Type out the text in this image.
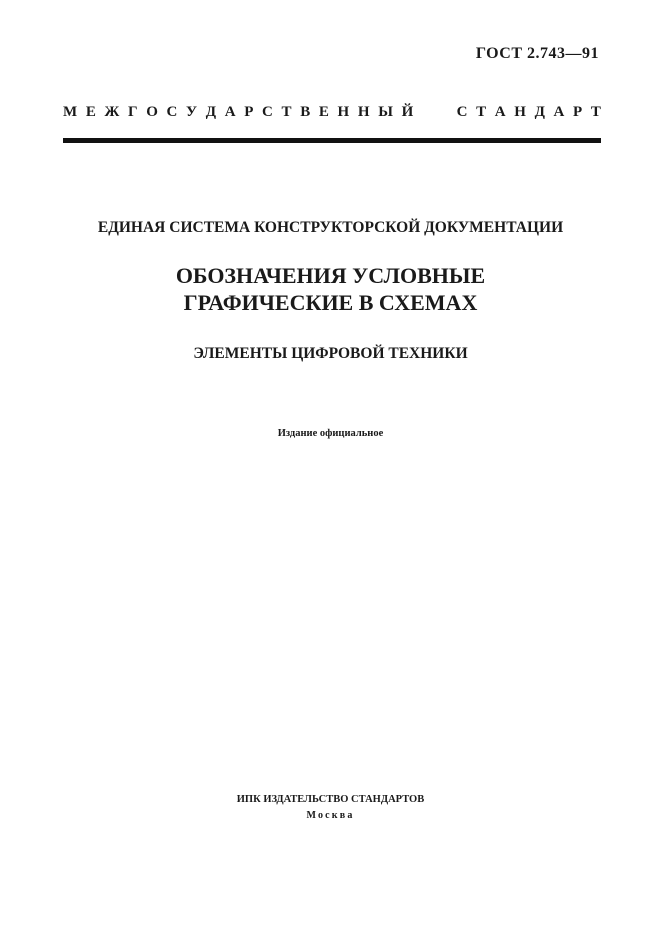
ГОСТ 2.743—91
М Е Ж Г О С У Д А Р С Т В Е Н Н Ы Й	С Т А Н Д А Р Т
ЕДИНАЯ СИСТЕМА КОНСТРУКТОРСКОЙ ДОКУМЕНТАЦИИ
ОБОЗНАЧЕНИЯ УСЛОВНЫЕ
ГРАФИЧЕСКИЕ В СХЕМАХ
ЭЛЕМЕНТЫ ЦИФРОВОЙ ТЕХНИКИ
Издание официальное
ИПК ИЗДАТЕЛЬСТВО СТАНДАРТОВ
Москва
